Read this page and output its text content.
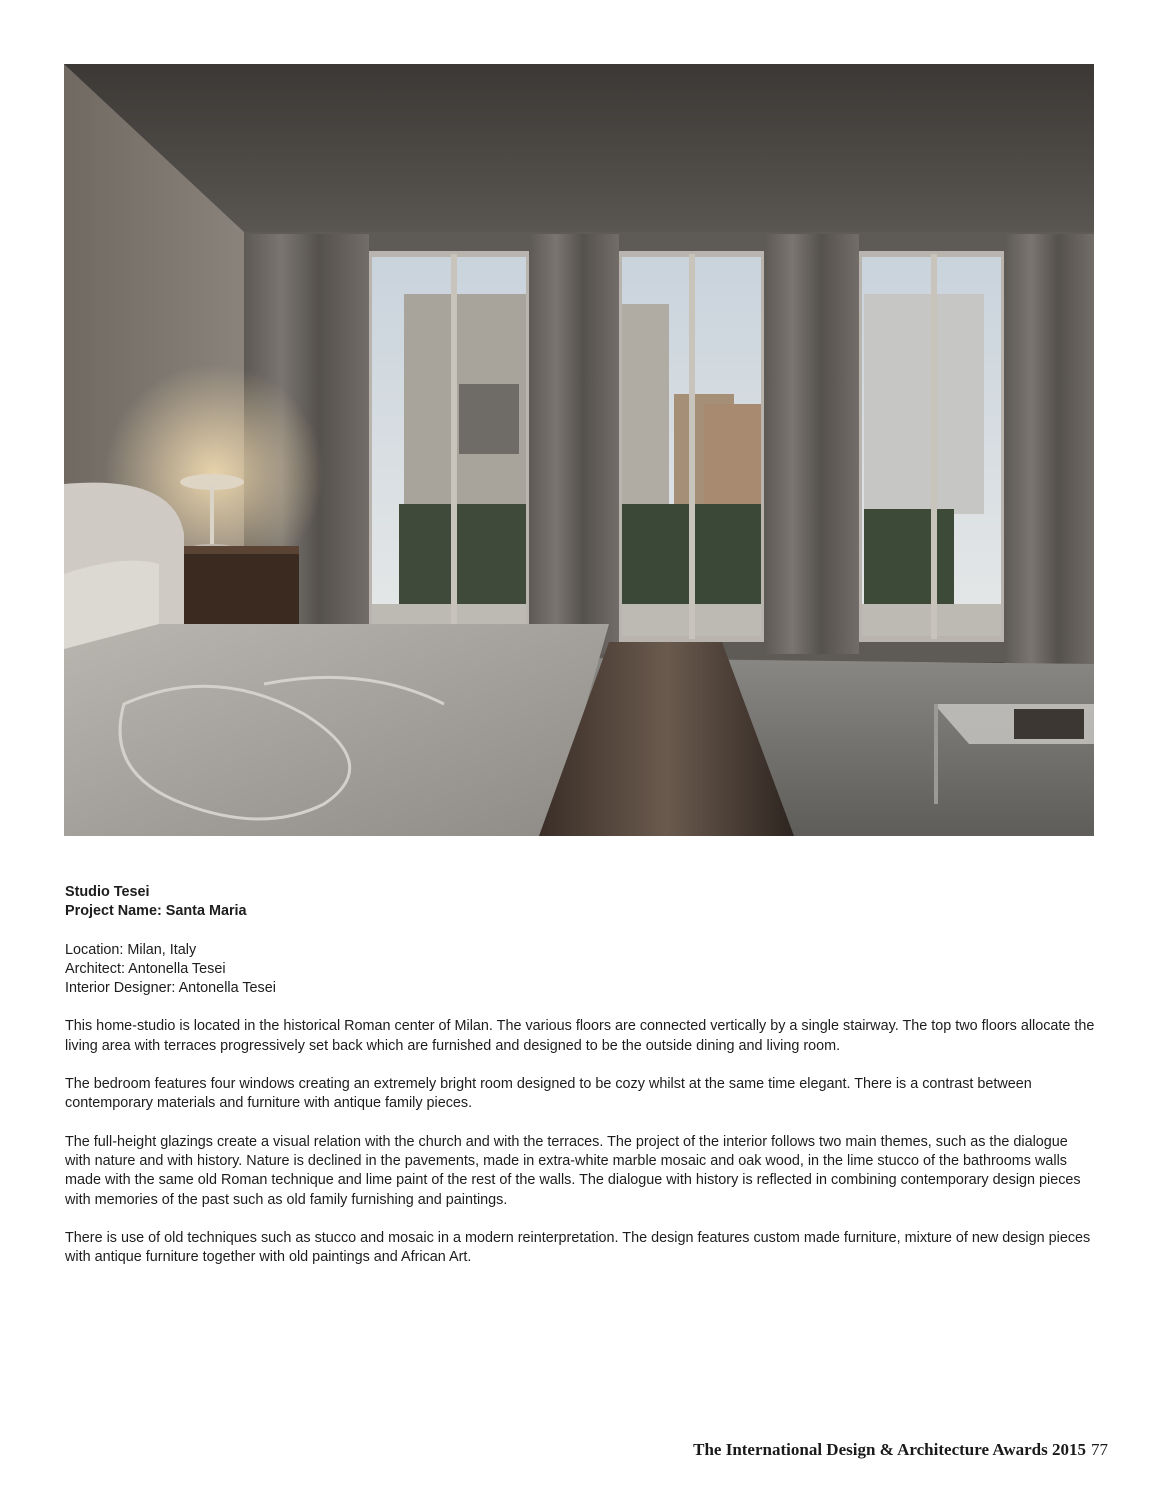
Studio Tesei
Project Name: Santa Maria
Location: Milan, Italy
Architect: Antonella Tesei
Interior Designer: Antonella Tesei

This home-studio is located in the historical Roman center of Milan. The various floors are connected vertically by a single stairway. The top two floors allocate the living area with terraces progressively set back which are furnished and designed to be the outside dining and living room.

The bedroom features four windows creating an extremely bright room designed to be cozy whilst at the same time elegant. There is a contrast between contemporary materials and furniture with antique family pieces.

The full-height glazings create a visual relation with the church and with the terraces. The project of the interior follows two main themes, such as the dialogue with nature and with history. Nature is declined in the pavements, made in extra-white marble mosaic and oak wood, in the lime stucco of the bathrooms walls made with the same old Roman technique and lime paint of the rest of the walls. The dialogue with history is reflected in combining contemporary design pieces with memories of the past such as old family furnishing and paintings.

There is use of old techniques such as stucco and mosaic in a modern reinterpretation. The design features custom made furniture, mixture of new design pieces with antique furniture together with old paintings and African Art.

The International Design & Architecture Awards 2015 77
